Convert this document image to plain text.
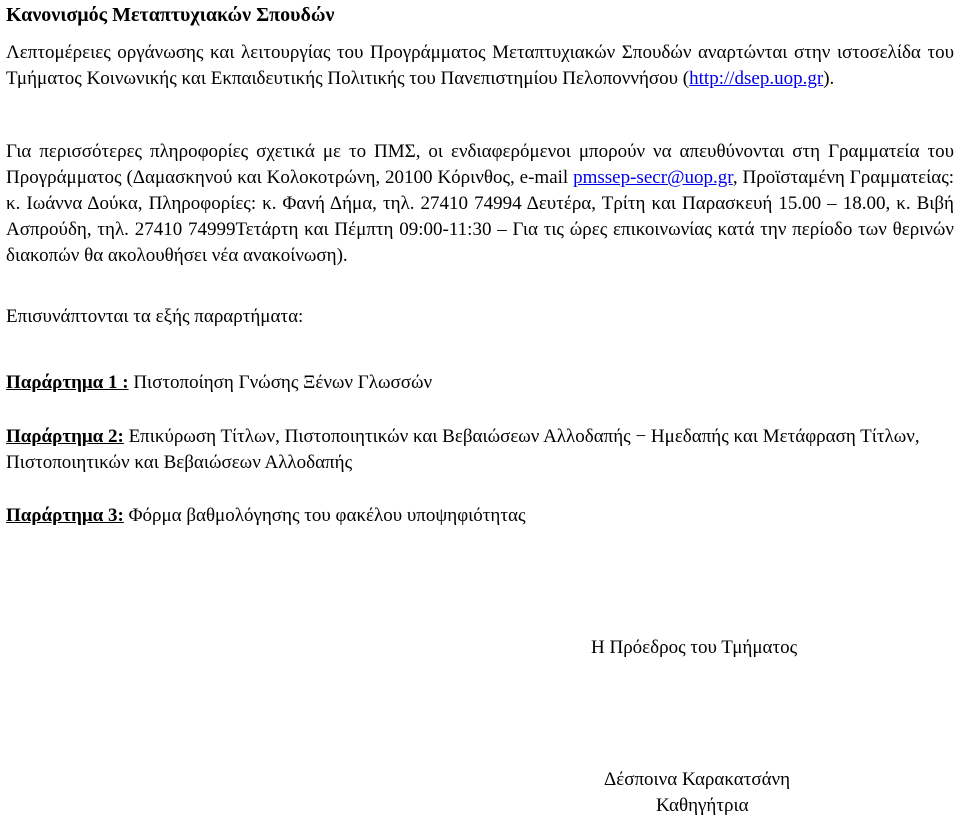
Κανονισμός Μεταπτυχιακών Σπουδών
Λεπτομέρειες οργάνωσης και λειτουργίας του Προγράμματος Μεταπτυχιακών Σπουδών αναρτώνται στην ιστοσελίδα του Τμήματος Κοινωνικής και Εκπαιδευτικής Πολιτικής του Πανεπιστημίου Πελοποννήσου (http://dsep.uop.gr).
Για περισσότερες πληροφορίες σχετικά με το ΠΜΣ, οι ενδιαφερόμενοι μπορούν να απευθύνονται στη Γραμματεία του Προγράμματος (Δαμασκηνού και Κολοκοτρώνη, 20100 Κόρινθος, e-mail pmssep-secr@uop.gr, Προϊσταμένη Γραμματείας: κ. Ιωάννα Δούκα, Πληροφορίες: κ. Φανή Δήμα, τηλ. 27410 74994 Δευτέρα, Τρίτη και Παρασκευή 15.00 – 18.00, κ. Βιβή Ασπρούδη, τηλ. 27410 74999Τετάρτη και Πέμπτη 09:00-11:30 – Για τις ώρες επικοινωνίας κατά την περίοδο των θερινών διακοπών θα ακολουθήσει νέα ανακοίνωση).
Επισυνάπτονται τα εξής παραρτήματα:
Παράρτημα 1 : Πιστοποίηση Γνώσης Ξένων Γλωσσών
Παράρτημα 2: Επικύρωση Τίτλων, Πιστοποιητικών και Βεβαιώσεων Αλλοδαπής − Ημεδαπής και Μετάφραση Τίτλων, Πιστοποιητικών και Βεβαιώσεων Αλλοδαπής
Παράρτημα 3: Φόρμα βαθμολόγησης του φακέλου υποψηφιότητας
Η Πρόεδρος του Τμήματος
Δέσποινα Καρακατσάνη
Καθηγήτρια
